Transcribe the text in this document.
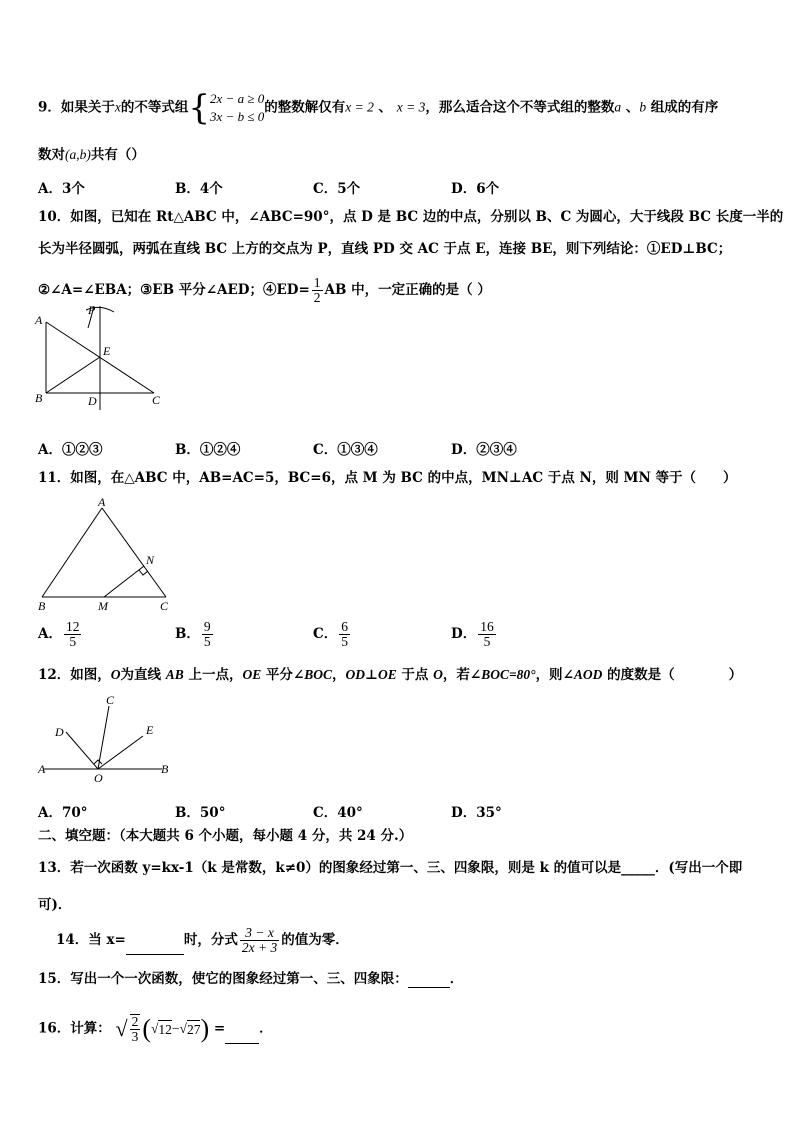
9．如果关于x的不等式组{ 2x − a ≥ 0
3x − b ≤ 0
的整数解仅有x = 2 、 x = 3，那么适合这个不等式组的整数a 、b 组成的有序
数对(a,b)共有（）
A．3个	B．4个	C．5个	D．6个
10．如图，已知在 Rt△ABC 中，∠ABC=90°，点 D 是 BC 边的中点，分别以 B、C 为圆心，大于线段 BC 长度一半的
长为半径圆弧，两弧在直线 BC 上方的交点为 P，直线 PD 交 AC 于点 E，连接 BE，则下列结论：①ED⊥BC；
②∠A=∠EBA；③EB 平分∠AED；④ED= $\frac{1}{2}$ AB 中，一定正确的是（ ）
A
B	C
D
E
P
A．①②③	B．①②④	C．①③④	D．②③④
11．如图，在△ABC 中，AB=AC=5，BC=6，点 M 为 BC 的中点，MN⊥AC 于点 N，则 MN 等于（　　）
A
B	C
M
N
A． $\frac{12}{5}$	B． $\frac{9}{5}$	C． $\frac{6}{5}$	D． $\frac{16}{5}$
12．如图，O为直线 AB 上一点，OE 平分∠BOC，OD⊥OE 于点 O，若∠BOC=80°，则∠AOD 的度数是（　　　　）
A	B
C
D	E
O
A．70°	B．50°	C．40°	D．35°
二、填空题：（本大题共 6 个小题，每小题 4 分，共 24 分.）
13．若一次函数 y=kx-1（k 是常数，k≠0）的图象经过第一、三、四象限，则是 k 的值可以是_____．(写出一个即
可)．
14．当 x=	时，分式 $\frac{3 - x}{2x + 3}$ 的值为零．
15．写出一个一次函数，使它的图象经过第一、三、四象限：	．
16．计算： √ $\frac{2}{3} (√12-√27)$ =	．
